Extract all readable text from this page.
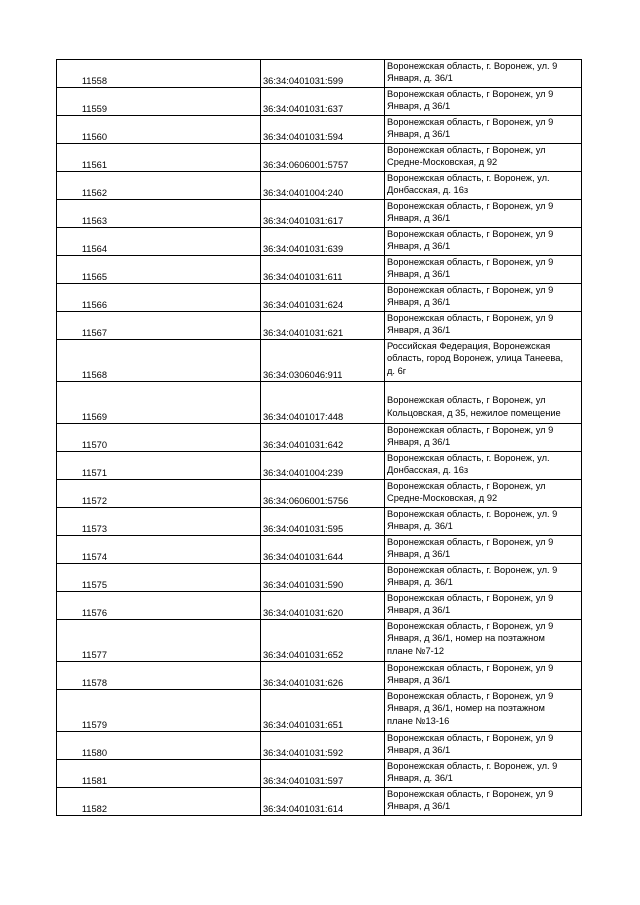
11558	36:34:0401031:599	Воронежская область, г. Воронеж, ул. 9
Января, д. 36/1

11559	36:34:0401031:637	Воронежская область, г Воронеж, ул 9
Января, д 36/1

11560	36:34:0401031:594	Воронежская область, г Воронеж, ул 9
Января, д 36/1

11561	36:34:0606001:5757	Воронежская область, г Воронеж, ул
Средне-Московская, д 92

11562	36:34:0401004:240	Воронежская область, г. Воронеж, ул.
Донбасская, д. 16з

11563	36:34:0401031:617	Воронежская область, г Воронеж, ул 9
Января, д 36/1

11564	36:34:0401031:639	Воронежская область, г Воронеж, ул 9
Января, д 36/1

11565	36:34:0401031:611	Воронежская область, г Воронеж, ул 9
Января, д 36/1

11566	36:34:0401031:624	Воронежская область, г Воронеж, ул 9
Января, д 36/1

11567	36:34:0401031:621	Воронежская область, г Воронеж, ул 9
Января, д 36/1

11568	36:34:0306046:911	Российская Федерация, Воронежская
область, город Воронеж, улица Танеева,
д. 6г

11569	36:34:0401017:448	
Воронежская область, г Воронеж, ул
Кольцовская, д 35, нежилое помещение

11570	36:34:0401031:642	Воронежская область, г Воронеж, ул 9
Января, д 36/1

11571	36:34:0401004:239	Воронежская область, г. Воронеж, ул.
Донбасская, д. 16з

11572	36:34:0606001:5756	Воронежская область, г Воронеж, ул
Средне-Московская, д 92

11573	36:34:0401031:595	Воронежская область, г. Воронеж, ул. 9
Января, д. 36/1

11574	36:34:0401031:644	Воронежская область, г Воронеж, ул 9
Января, д 36/1

11575	36:34:0401031:590	Воронежская область, г. Воронеж, ул. 9
Января, д. 36/1

11576	36:34:0401031:620	Воронежская область, г Воронеж, ул 9
Января, д 36/1

11577	36:34:0401031:652	Воронежская область, г Воронеж, ул 9
Января, д 36/1, номер на поэтажном
плане №7-12

11578	36:34:0401031:626	Воронежская область, г Воронеж, ул 9
Января, д 36/1

11579	36:34:0401031:651	Воронежская область, г Воронеж, ул 9
Января, д 36/1, номер на поэтажном
плане №13-16

11580	36:34:0401031:592	Воронежская область, г Воронеж, ул 9
Января, д 36/1

11581	36:34:0401031:597	Воронежская область, г. Воронеж, ул. 9
Января, д. 36/1

11582	36:34:0401031:614	Воронежская область, г Воронеж, ул 9
Января, д 36/1
